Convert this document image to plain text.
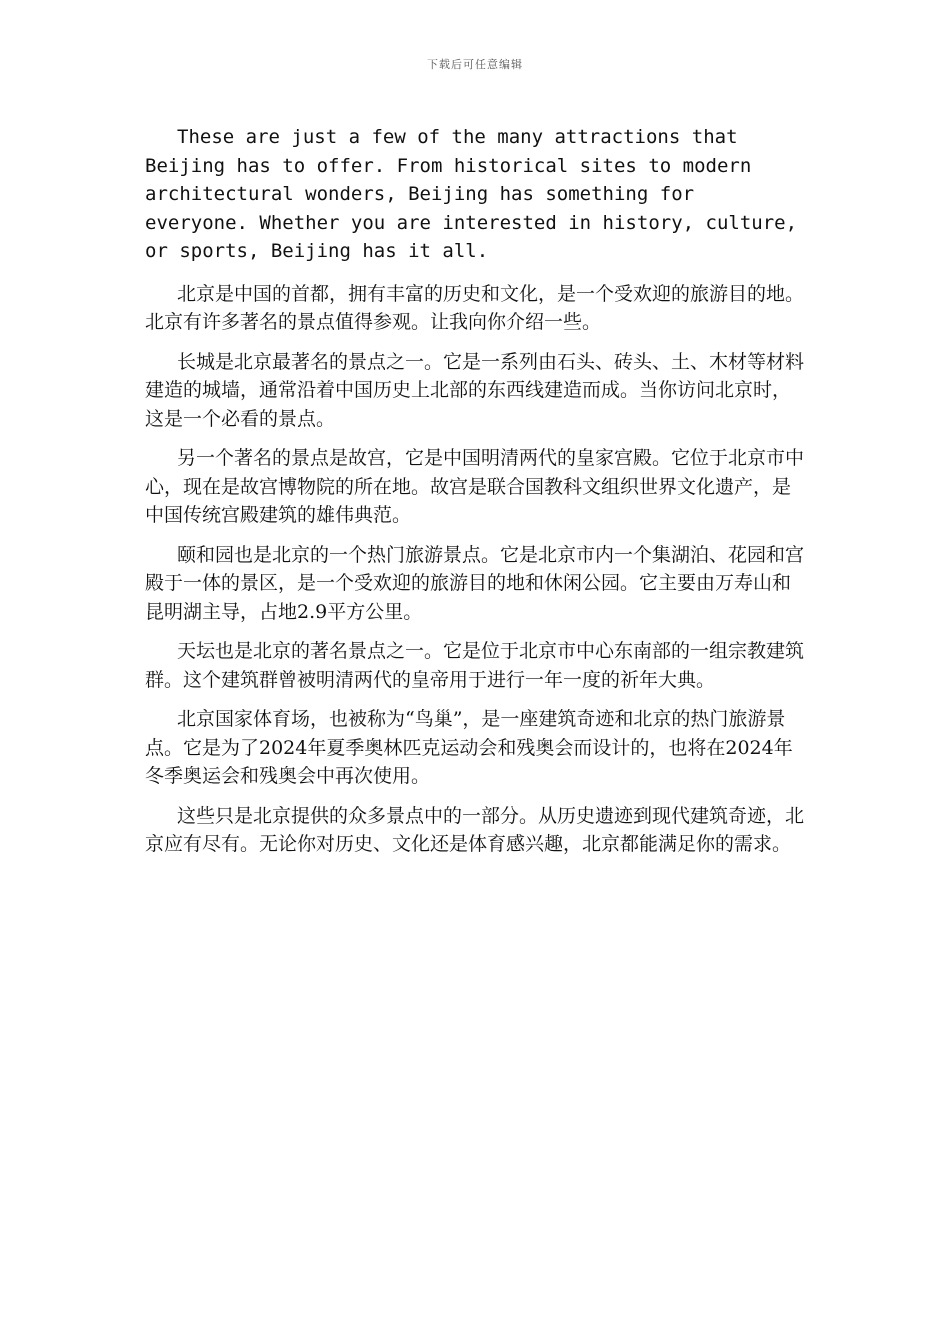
下载后可任意编辑

These are just a few of the many attractions that Beijing has to offer. From historical sites to modern architectural wonders, Beijing has something for everyone. Whether you are interested in history, culture, or sports, Beijing has it all.

北京是中国的首都，拥有丰富的历史和文化，是一个受欢迎的旅游目的地。北京有许多著名的景点值得参观。让我向你介绍一些。

长城是北京最著名的景点之一。它是一系列由石头、砖头、土、木材等材料建造的城墙，通常沿着中国历史上北部的东西线建造而成。当你访问北京时，这是一个必看的景点。

另一个著名的景点是故宫，它是中国明清两代的皇家宫殿。它位于北京市中心，现在是故宫博物院的所在地。故宫是联合国教科文组织世界文化遗产，是中国传统宫殿建筑的雄伟典范。

颐和园也是北京的一个热门旅游景点。它是北京市内一个集湖泊、花园和宫殿于一体的景区，是一个受欢迎的旅游目的地和休闲公园。它主要由万寿山和昆明湖主导，占地2.9平方公里。

天坛也是北京的著名景点之一。它是位于北京市中心东南部的一组宗教建筑群。这个建筑群曾被明清两代的皇帝用于进行一年一度的祈年大典。

北京国家体育场，也被称为“鸟巢”，是一座建筑奇迹和北京的热门旅游景点。它是为了2024年夏季奥林匹克运动会和残奥会而设计的，也将在2024年冬季奥运会和残奥会中再次使用。

这些只是北京提供的众多景点中的一部分。从历史遗迹到现代建筑奇迹，北京应有尽有。无论你对历史、文化还是体育感兴趣，北京都能满足你的需求。
